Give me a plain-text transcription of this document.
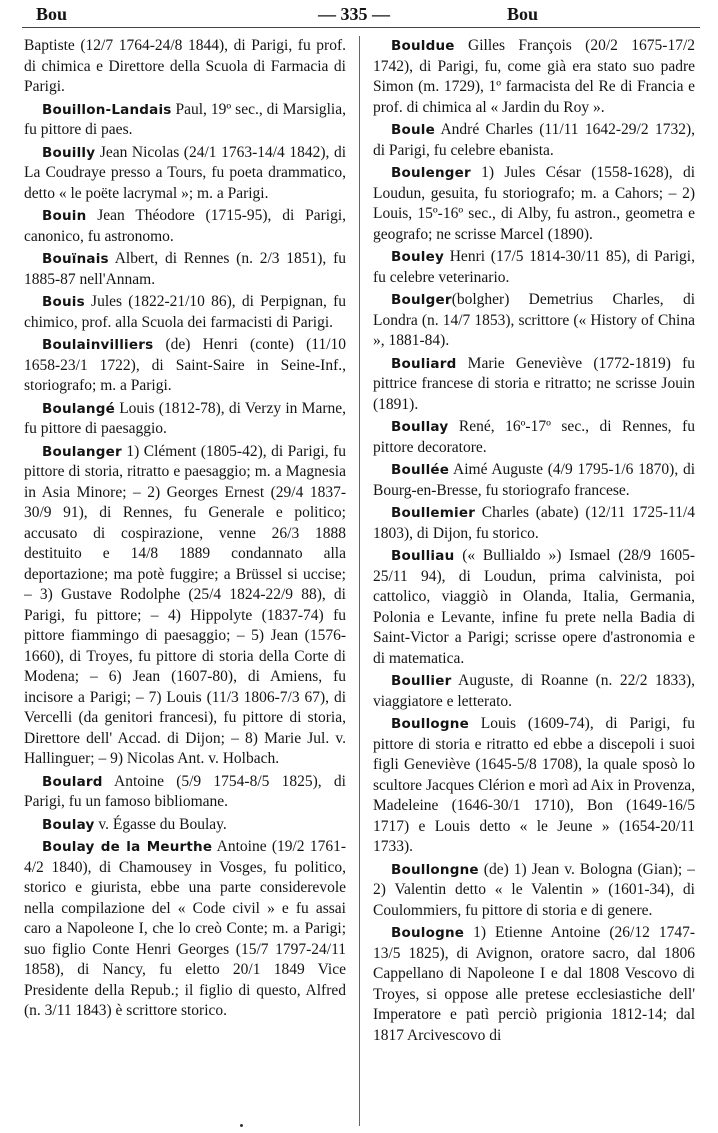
Bou	— 335 —	Bou

Baptiste (12/7 1764-24/8 1844), di Parigi, fu prof. di chimica e Direttore della Scuola di Farmacia di Parigi.

Bouillon-Landais Paul, 19º sec., di Marsiglia, fu pittore di paes.

Bouilly Jean Nicolas (24/1 1763-14/4 1842), di La Coudraye presso a Tours, fu poeta drammatico, detto « le poëte lacrymal »; m. a Parigi.

Bouin Jean Théodore (1715-95), di Parigi, canonico, fu astronomo.

Bouïnais Albert, di Rennes (n. 2/3 1851), fu 1885-87 nell'Annam.

Bouis Jules (1822-21/10 86), di Perpignan, fu chimico, prof. alla Scuola dei farmacisti di Parigi.

Boulainvilliers (de) Henri (conte) (11/10 1658-23/1 1722), di Saint-Saire in Seine-Inf., storiografo; m. a Parigi.

Boulangé Louis (1812-78), di Verzy in Marne, fu pittore di paesaggio.

Boulanger 1) Clément (1805-42), di Parigi, fu pittore di storia, ritratto e paesaggio; m. a Magnesia in Asia Minore; – 2) Georges Ernest (29/4 1837-30/9 91), di Rennes, fu Generale e politico; accusato di cospirazione, venne 26/3 1888 destituito e 14/8 1889 condannato alla deportazione; ma potè fuggire; a Brüssel si uccise; – 3) Gustave Rodolphe (25/4 1824-22/9 88), di Parigi, fu pittore; – 4) Hippolyte (1837-74) fu pittore fiammingo di paesaggio; – 5) Jean (1576-1660), di Troyes, fu pittore di storia della Corte di Modena; – 6) Jean (1607-80), di Amiens, fu incisore a Parigi; – 7) Louis (11/3 1806-7/3 67), di Vercelli (da genitori francesi), fu pittore di storia, Direttore dell' Accad. di Dijon; – 8) Marie Jul. v. Hallinguer; – 9) Nicolas Ant. v. Holbach.

Boulard Antoine (5/9 1754-8/5 1825), di Parigi, fu un famoso bibliomane.

Boulay v. Égasse du Boulay.

Boulay de la Meurthe Antoine (19/2 1761-4/2 1840), di Chamousey in Vosges, fu politico, storico e giurista, ebbe una parte considerevole nella compilazione del « Code civil » e fu assai caro a Napoleone I, che lo creò Conte; m. a Parigi; suo figlio Conte Henri Georges (15/7 1797-24/11 1858), di Nancy, fu eletto 20/1 1849 Vice Presidente della Repub.; il figlio di questo, Alfred (n. 3/11 1843) è scrittore storico.

Bouldue Gilles François (20/2 1675-17/2 1742), di Parigi, fu, come già era stato suo padre Simon (m. 1729), 1º farmacista del Re di Francia e prof. di chimica al « Jardin du Roy ».

Boule André Charles (11/11 1642-29/2 1732), di Parigi, fu celebre ebanista.

Boulenger 1) Jules César (1558-1628), di Loudun, gesuita, fu storiografo; m. a Cahors; – 2) Louis, 15º-16º sec., di Alby, fu astron., geometra e geografo; ne scrisse Marcel (1890).

Bouley Henri (17/5 1814-30/11 85), di Parigi, fu celebre veterinario.

Boulger(bolgher) Demetrius Charles, di Londra (n. 14/7 1853), scrittore (« History of China », 1881-84).

Bouliard Marie Geneviève (1772-1819) fu pittrice francese di storia e ritratto; ne scrisse Jouin (1891).

Boullay René, 16º-17º sec., di Rennes, fu pittore decoratore.

Boullée Aimé Auguste (4/9 1795-1/6 1870), di Bourg-en-Bresse, fu storiografo francese.

Boullemier Charles (abate) (12/11 1725-11/4 1803), di Dijon, fu storico.

Boulliau (« Bullialdo ») Ismael (28/9 1605-25/11 94), di Loudun, prima calvinista, poi cattolico, viaggiò in Olanda, Italia, Germania, Polonia e Levante, infine fu prete nella Badia di Saint-Victor a Parigi; scrisse opere d'astronomia e di matematica.

Boullier Auguste, di Roanne (n. 22/2 1833), viaggiatore e letterato.

Boullogne Louis (1609-74), di Parigi, fu pittore di storia e ritratto ed ebbe a discepoli i suoi figli Geneviève (1645-5/8 1708), la quale sposò lo scultore Jacques Clérion e morì ad Aix in Provenza, Madeleine (1646-30/1 1710), Bon (1649-16/5 1717) e Louis detto « le Jeune » (1654-20/11 1733).

Boullongne (de) 1) Jean v. Bologna (Gian); – 2) Valentin detto « le Valentin » (1601-34), di Coulommiers, fu pittore di storia e di genere.

Boulogne 1) Etienne Antoine (26/12 1747-13/5 1825), di Avignon, oratore sacro, dal 1806 Cappellano di Napoleone I e dal 1808 Vescovo di Troyes, si oppose alle pretese ecclesiastiche dell' Imperatore e patì perciò prigionia 1812-14; dal 1817 Arcivescovo di
